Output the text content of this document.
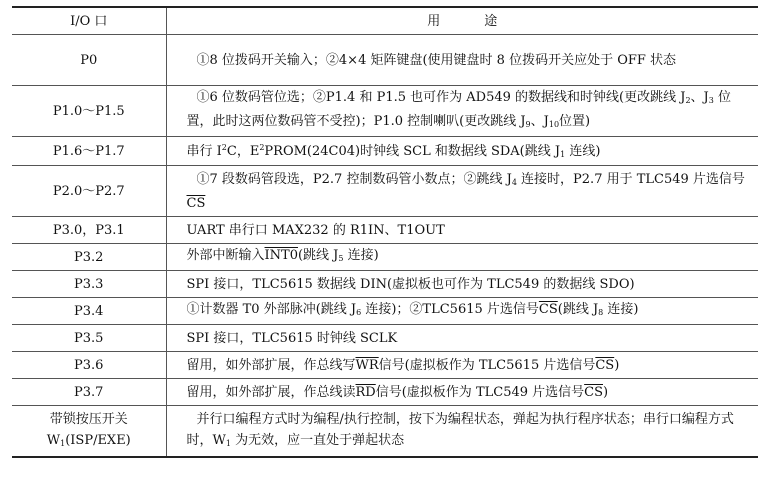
I/O 口	用 途
P0	①8 位拨码开关输入；②4×4 矩阵键盘(使用键盘时 8 位拨码开关应处于 OFF 状态
P1.0～P1.5	①6 位数码管位选；②P1.4 和 P1.5 也可作为 AD549 的数据线和时钟线(更改跳线 $J_2$、$J_3$ 位置，此时这两位数码管不受控)；P1.0 控制喇叭(更改跳线 $J_9$、$J_{10}$位置)
P1.6～P1.7	串行 $I^2C$，$E^2PROM(24C04)$时钟线 SCL 和数据线 SDA(跳线 $J_1$ 连线)
P2.0～P2.7	①7 段数码管段选，P2.7 控制数码管小数点；②跳线 $J_4$ 连接时，P2.7 用于 TLC549 片选信号$\overline{CS}$
P3.0，P3.1	UART 串行口 MAX232 的 R1IN、T1OUT
P3.2	外部中断输入INT0(跳线 $J_5$ 连接)
P3.3	SPI 接口，TLC5615 数据线 DIN(虚拟板也可作为 TLC549 的数据线 SDO)
P3.4	①计数器 T0 外部脉冲(跳线 $J_6$ 连接)；②TLC5615 片选信号$\overline{CS}$(跳线 $J_8$ 连接)
P3.5	SPI 接口，TLC5615 时钟线 SCLK
P3.6	留用，如外部扩展，作总线写$\overline{WR}$信号(虚拟板作为 TLC5615 片选信号$\overline{CS}$)
P3.7	留用，如外部扩展，作总线读$\overline{RD}$信号(虚拟板作为 TLC549 片选信号$\overline{CS}$)

带锁按压开关
$W_1(ISP/EXE)$	并行口编程方式时为编程/执行控制，按下为编程状态，弹起为执行程序状态；串行口编程方式时，$W_1$ 为无效，应一直处于弹起状态
